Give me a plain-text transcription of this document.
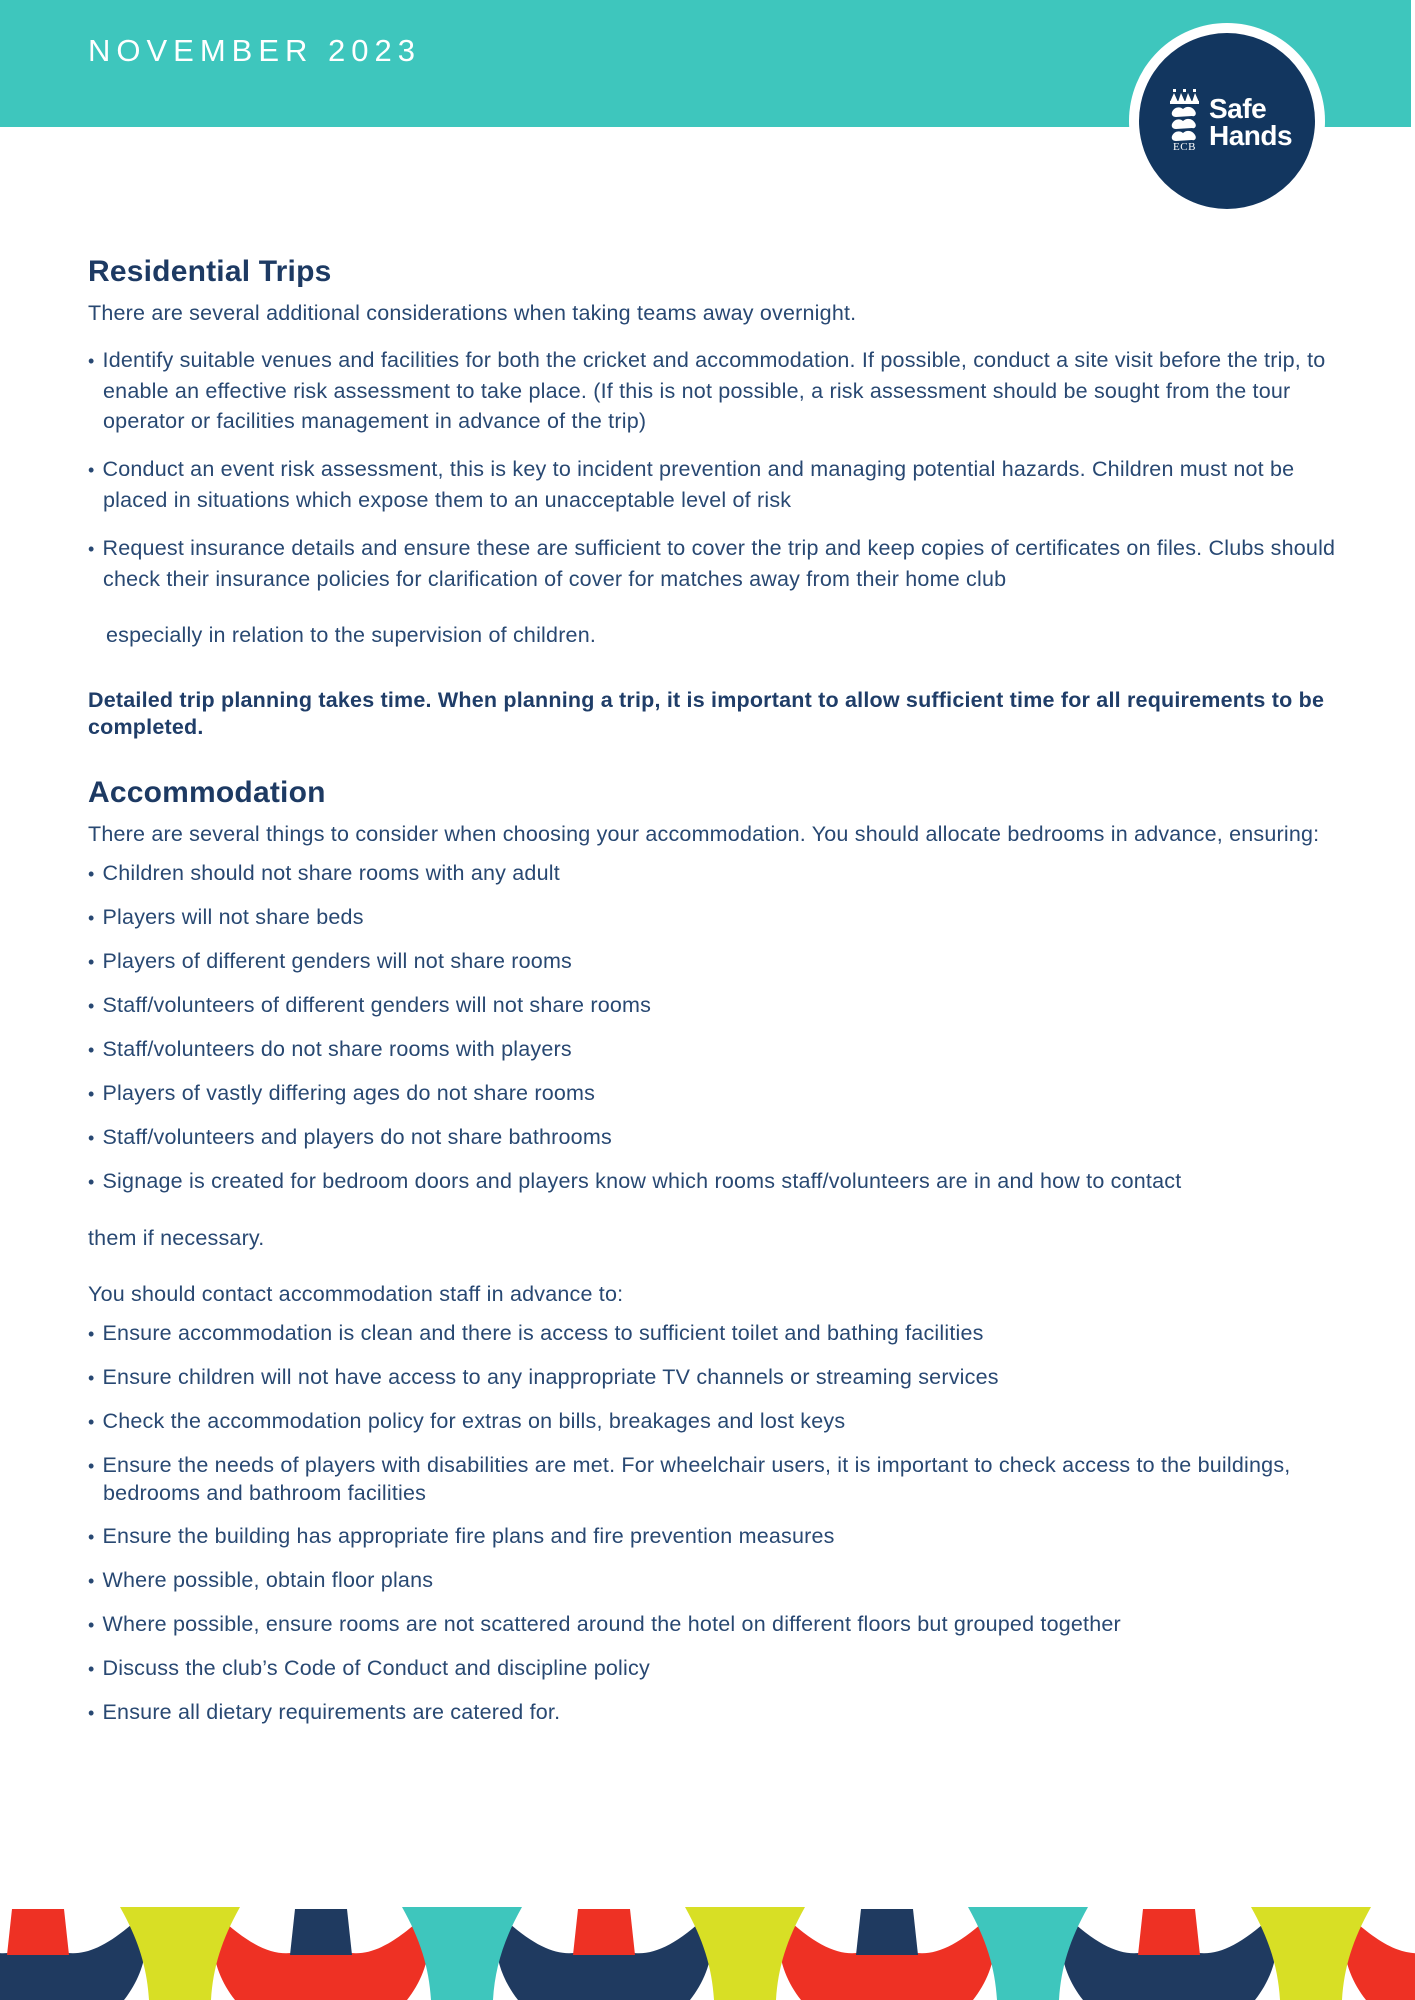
NOVEMBER 2023
ECB
Safe
Hands
Residential Trips

There are several additional considerations when taking teams away overnight.

• Identify suitable venues and facilities for both the cricket and accommodation. If possible, conduct a site visit before the trip, to enable an effective risk assessment to take place. (If this is not possible, a risk assessment should be sought from the tour operator or facilities management in advance of the trip)
• Conduct an event risk assessment, this is key to incident prevention and managing potential hazards. Children must not be placed in situations which expose them to an unacceptable level of risk
• Request insurance details and ensure these are sufficient to cover the trip and keep copies of certificates on files. Clubs should check their insurance policies for clarification of cover for matches away from their home club

especially in relation to the supervision of children.

Detailed trip planning takes time. When planning a trip, it is important to allow sufficient time for all requirements to be completed.

Accommodation

There are several things to consider when choosing your accommodation. You should allocate bedrooms in advance, ensuring:

• Children should not share rooms with any adult
• Players will not share beds
• Players of different genders will not share rooms
• Staff/volunteers of different genders will not share rooms
• Staff/volunteers do not share rooms with players
• Players of vastly differing ages do not share rooms
• Staff/volunteers and players do not share bathrooms
• Signage is created for bedroom doors and players know which rooms staff/volunteers are in and how to contact
them if necessary.

You should contact accommodation staff in advance to:

• Ensure accommodation is clean and there is access to sufficient toilet and bathing facilities
• Ensure children will not have access to any inappropriate TV channels or streaming services
• Check the accommodation policy for extras on bills, breakages and lost keys
• Ensure the needs of players with disabilities are met. For wheelchair users, it is important to check access to the buildings, bedrooms and bathroom facilities
• Ensure the building has appropriate fire plans and fire prevention measures
• Where possible, obtain floor plans
• Where possible, ensure rooms are not scattered around the hotel on different floors but grouped together
• Discuss the club’s Code of Conduct and discipline policy
• Ensure all dietary requirements are catered for.
